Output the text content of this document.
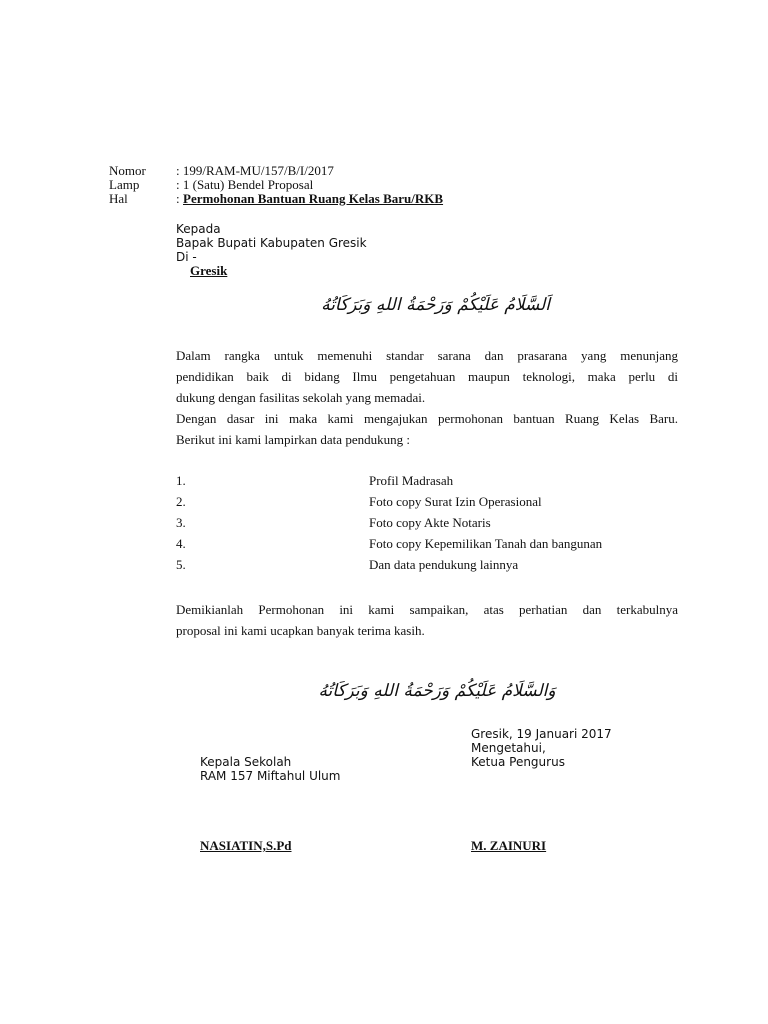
Nomor : 199/RAM-MU/157/B/I/2017
Lamp	: 1 (Satu) Bendel Proposal
Hal	: Permohonan Bantuan Ruang Kelas Baru/RKB
Kepada
Bapak Bupati Kabupaten Gresik
Di -
Gresik
اَلسَّلَامُ عَلَيْكُمْ وَرَحْمَةُ اللهِ وَبَرَكَاتُهُ
Dalam rangka untuk memenuhi standar sarana dan prasarana yang menunjang
pendidikan baik di bidang Ilmu pengetahuan maupun teknologi, maka perlu di
dukung dengan fasilitas sekolah yang memadai.
Dengan dasar ini maka kami mengajukan permohonan bantuan Ruang Kelas Baru.
Berikut ini kami lampirkan data pendukung :
1.	Profil Madrasah
2.	Foto copy Surat Izin Operasional
3.	Foto copy Akte Notaris
4.	Foto copy Kepemilikan Tanah dan bangunan
5.	Dan data pendukung lainnya
Demikianlah Permohonan ini kami sampaikan, atas perhatian dan terkabulnya
proposal ini kami ucapkan banyak terima kasih.
وَالسَّلَامُ عَلَيْكُمْ وَرَحْمَةُ اللهِ وَبَرَكَاتُهُ
Gresik, 19 Januari 2017
Mengetahui,
Ketua Pengurus
Kepala Sekolah
RAM 157 Miftahul Ulum
NASIATIN,S.Pd	M. ZAINURI
